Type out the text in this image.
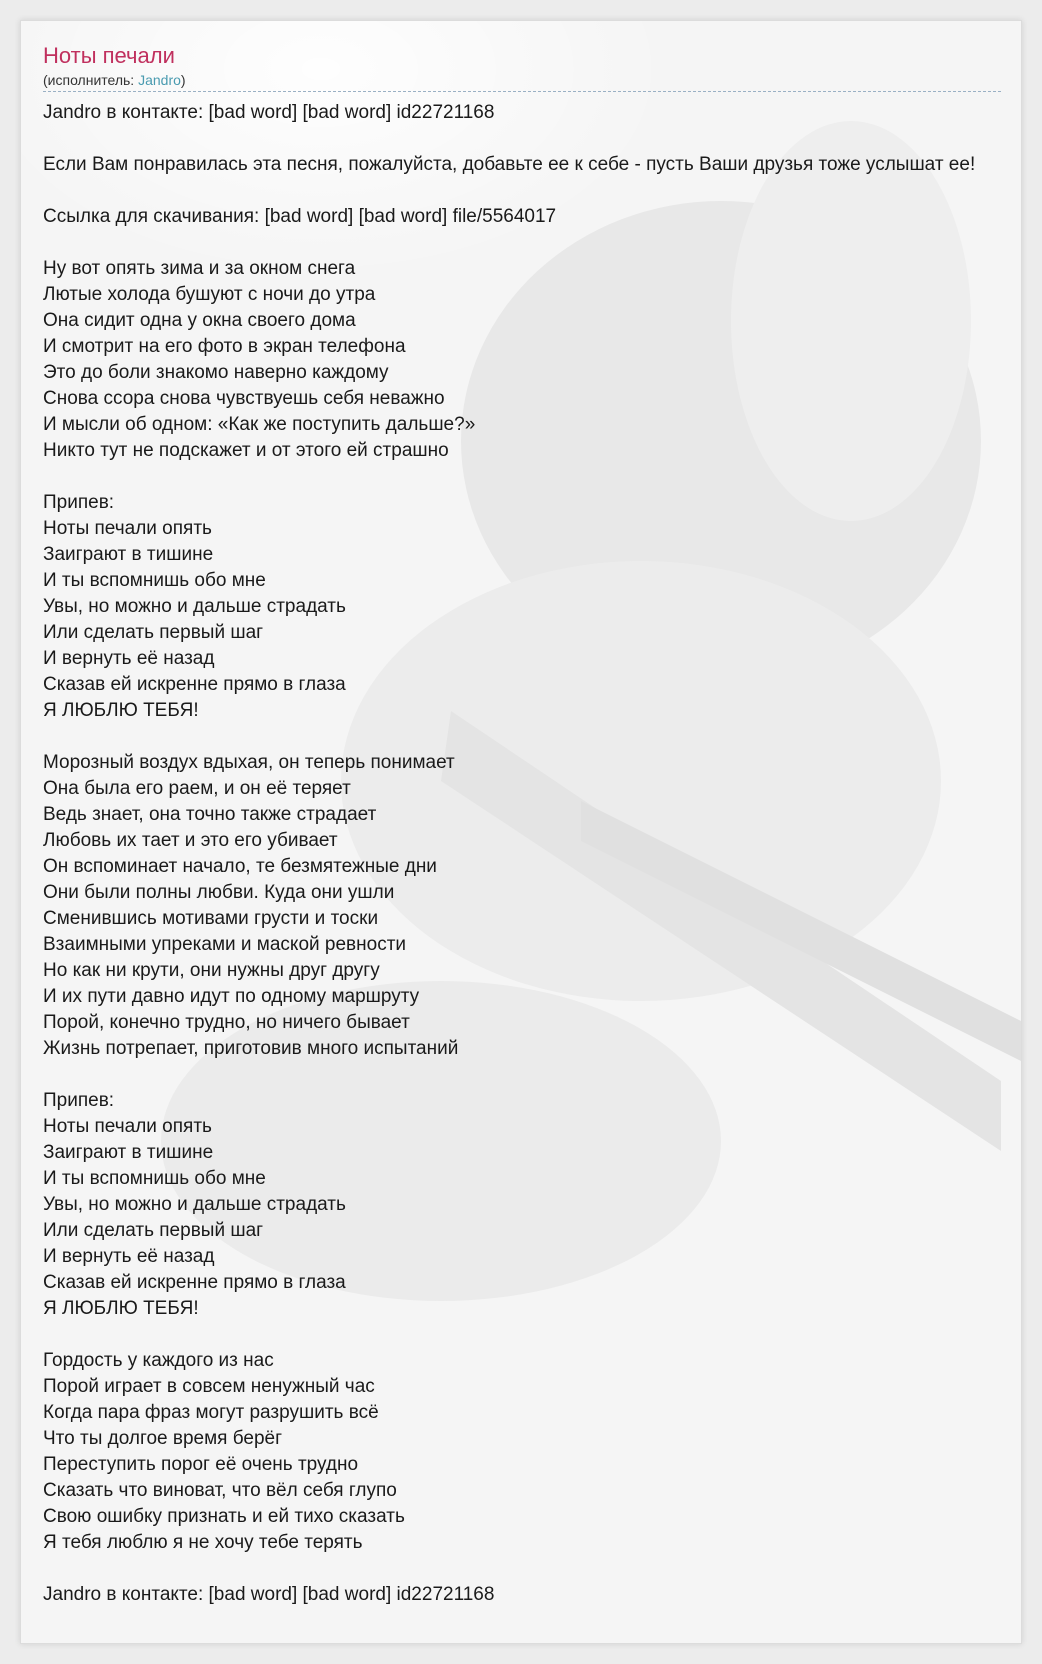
Ноты печали

(исполнитель: Jandro)

Jandro в контакте: [bad word] [bad word] id22721168
Если Вам понравилась эта песня, пожалуйста, добавьте ее к себе - пусть Ваши друзья тоже услышат ее!
Ссылка для скачивания: [bad word] [bad word] file/5564017
Ну вот опять зима и за окном снега
Лютые холода бушуют с ночи до утра
Она сидит одна у окна своего дома
И смотрит на его фото в экран телефона
Это до боли знакомо наверно каждому
Снова ссора снова чувствуешь себя неважно
И мысли об одном: «Как же поступить дальше?»
Никто тут не подскажет и от этого ей страшно
Припев:
Ноты печали опять
Заиграют в тишине
И ты вспомнишь обо мне
Увы, но можно и дальше страдать
Или сделать первый шаг
И вернуть её назад
Сказав ей искренне прямо в глаза
Я ЛЮБЛЮ ТЕБЯ!
Морозный воздух вдыхая, он теперь понимает
Она была его раем, и он её теряет
Ведь знает, она точно также страдает
Любовь их тает и это его убивает
Он вспоминает начало, те безмятежные дни
Они были полны любви. Куда они ушли
Сменившись мотивами грусти и тоски
Взаимными упреками и маской ревности
Но как ни крути, они нужны друг другу
И их пути давно идут по одному маршруту
Порой, конечно трудно, но ничего бывает
Жизнь потрепает, приготовив много испытаний
Припев:
Ноты печали опять
Заиграют в тишине
И ты вспомнишь обо мне
Увы, но можно и дальше страдать
Или сделать первый шаг
И вернуть её назад
Сказав ей искренне прямо в глаза
Я ЛЮБЛЮ ТЕБЯ!
Гордость у каждого из нас
Порой играет в совсем ненужный час
Когда пара фраз могут разрушить всё
Что ты долгое время берёг
Переступить порог её очень трудно
Сказать что виноват, что вёл себя глупо
Свою ошибку признать и ей тихо сказать
Я тебя люблю я не хочу тебе терять
Jandro в контакте: [bad word] [bad word] id22721168
